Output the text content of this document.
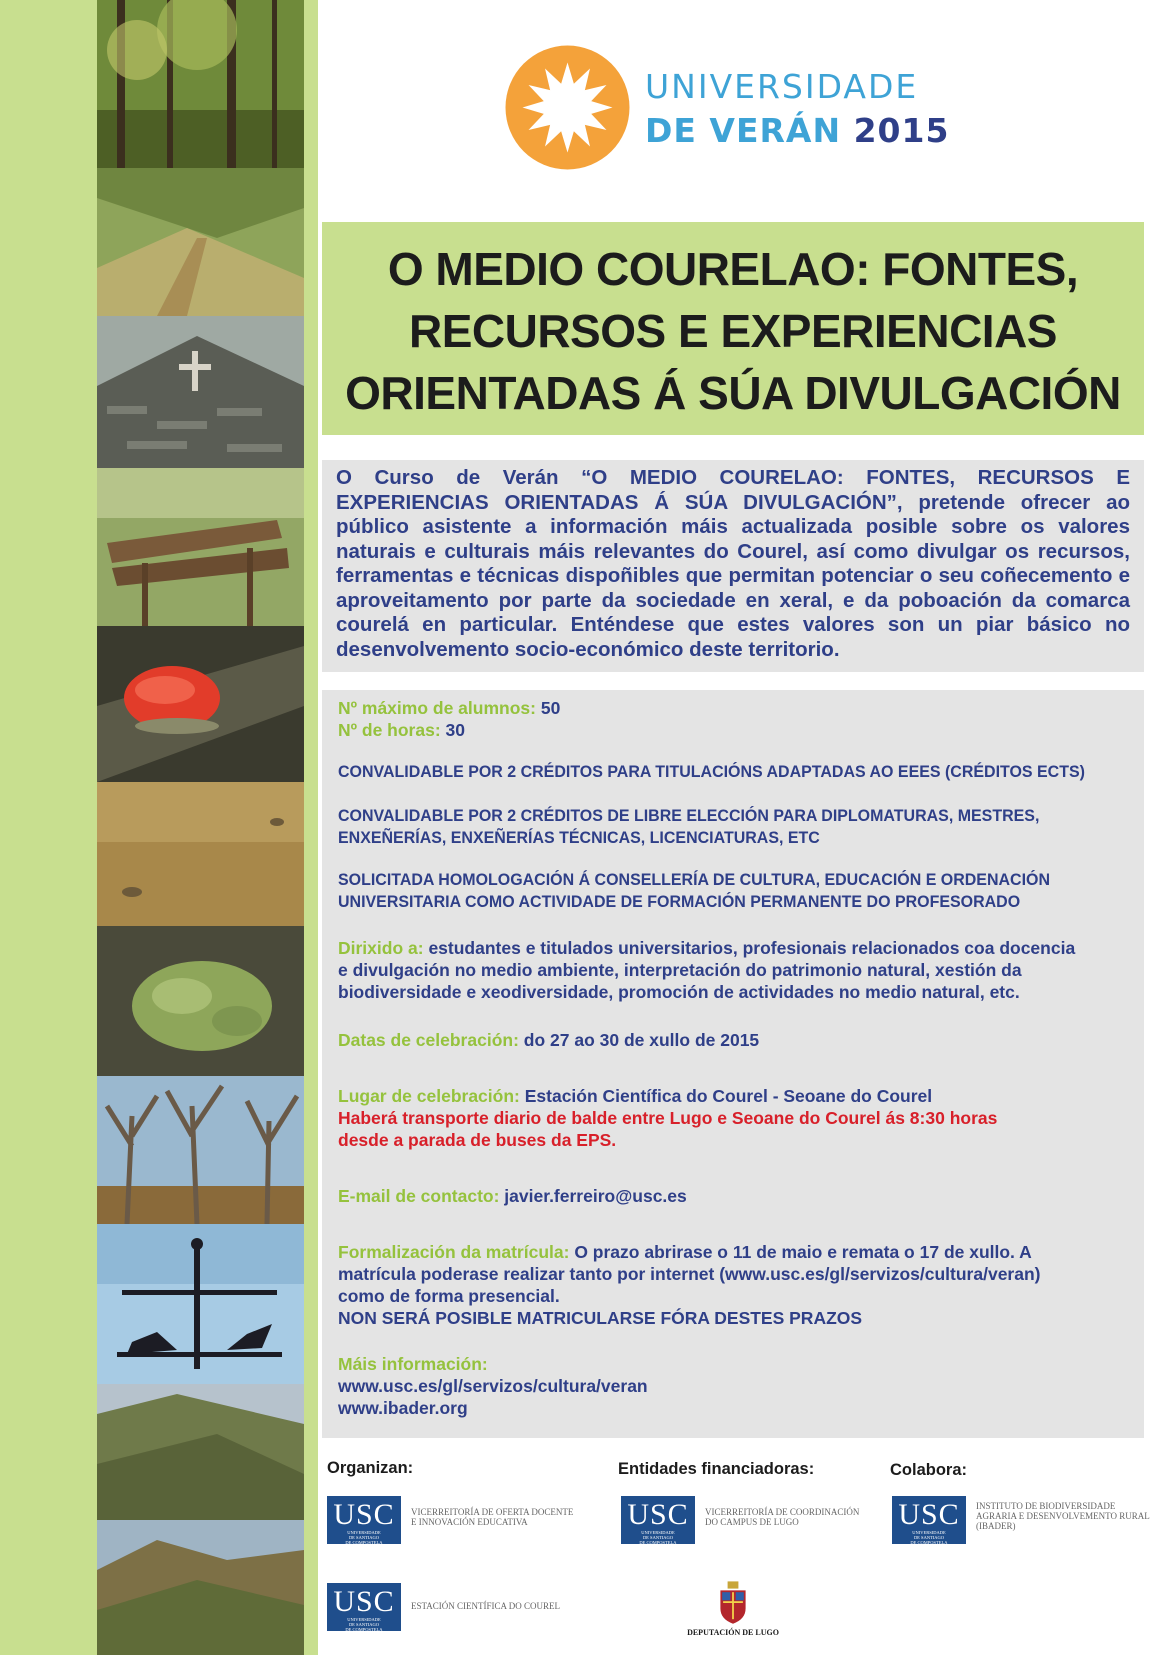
UNIVERSIDADE
DE VERÁN 2015
O MEDIO COURELAO: FONTES,
RECURSOS E EXPERIENCIAS
ORIENTADAS Á SÚA DIVULGACIÓN

O Curso de Verán “O MEDIO COURELAO: FONTES, RECURSOS E EXPERIENCIAS ORIENTADAS Á SÚA DIVULGACIÓN”, pretende ofrecer ao público asistente a información máis actualizada posible sobre os valores naturais e culturais máis relevantes do Courel, así como divulgar os recursos, ferramentas e técnicas dispoñibles que permitan potenciar o seu coñecemento e aproveitamento por parte da sociedade en xeral, e da poboación da comarca courelá en particular. Enténdese que estes valores son un piar básico no desenvolvemento socio-económico deste territorio.

Nº máximo de alumnos: 50
Nº de horas: 30
CONVALIDABLE POR 2 CRÉDITOS PARA TITULACIÓNS ADAPTADAS AO EEES (CRÉDITOS ECTS)
CONVALIDABLE POR 2 CRÉDITOS DE LIBRE ELECCIÓN PARA DIPLOMATURAS, MESTRES,
ENXEÑERÍAS, ENXEÑERÍAS TÉCNICAS, LICENCIATURAS, ETC
SOLICITADA HOMOLOGACIÓN Á CONSELLERÍA DE CULTURA, EDUCACIÓN E ORDENACIÓN
UNIVERSITARIA COMO ACTIVIDADE DE FORMACIÓN PERMANENTE DO PROFESORADO
Dirixido a: estudantes e titulados universitarios, profesionais relacionados coa docencia
e divulgación no medio ambiente, interpretación do patrimonio natural, xestión da
biodiversidade e xeodiversidade, promoción de actividades no medio natural, etc.
Datas de celebración: do 27 ao 30 de xullo de 2015
Lugar de celebración: Estación Científica do Courel - Seoane do Courel
Haberá transporte diario de balde entre Lugo e Seoane do Courel ás 8:30 horas
desde a parada de buses da EPS.
E-mail de contacto: javier.ferreiro@usc.es
Formalización da matrícula: O prazo abrirase o 11 de maio e remata o 17 de xullo. A
matrícula poderase realizar tanto por internet (www.usc.es/gl/servizos/cultura/veran)
como de forma presencial.
NON SERÁ POSIBLE MATRICULARSE FÓRA DESTES PRAZOS
Máis información:
www.usc.es/gl/servizos/cultura/veran
www.ibader.org
Organizan:	Entidades financiadoras:	Colabora:
USC
UNIVERSIDADE
DE SANTIAGO
DE COMPOSTELA
VICERREITORÍA DE OFERTA DOCENTE
E INNOVACIÓN EDUCATIVA	USC
UNIVERSIDADE
DE SANTIAGO
DE COMPOSTELA
VICERREITORÍA DE COORDINACIÓN
DO CAMPUS DE LUGO	USC
UNIVERSIDADE
DE SANTIAGO
DE COMPOSTELA
INSTITUTO DE BIODIVERSIDADE
AGRARIA E DESENVOLVEMENTO RURAL
(IBADER)
USC
UNIVERSIDADE
DE SANTIAGO
DE COMPOSTELA
ESTACIÓN CIENTÍFICA DO COUREL
DEPUTACIÓN DE LUGO
